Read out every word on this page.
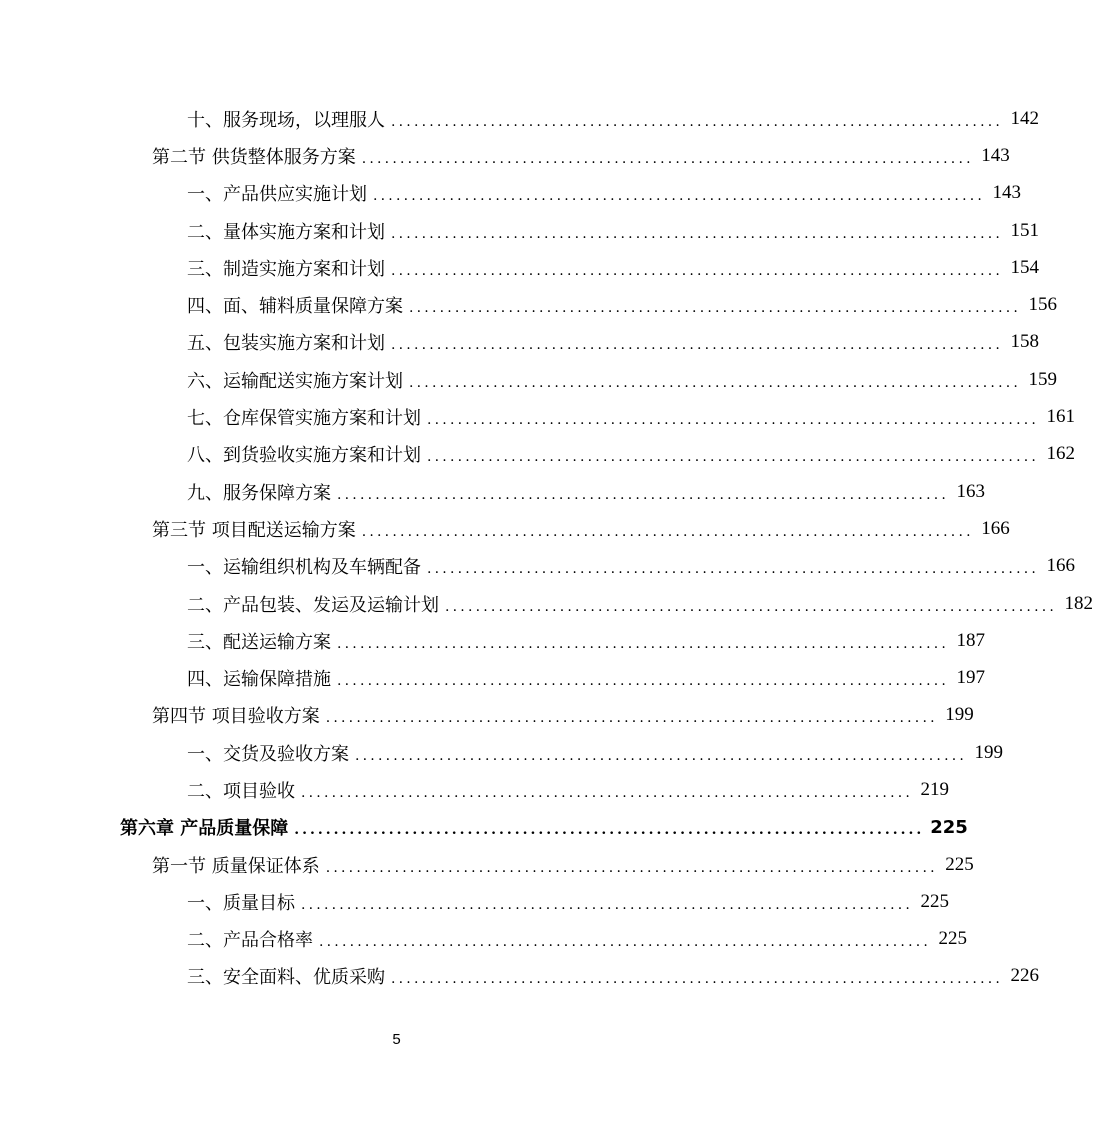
十、服务现场，以理服人 ................................................................................ 142
第二节 供货整体服务方案 ................................................................................ 143
一、产品供应实施计划 ................................................................................ 143
二、量体实施方案和计划 ................................................................................ 151
三、制造实施方案和计划 ................................................................................ 154
四、面、辅料质量保障方案 ................................................................................ 156
五、包装实施方案和计划 ................................................................................ 158
六、运输配送实施方案计划 ................................................................................ 159
七、仓库保管实施方案和计划 ................................................................................ 161
八、到货验收实施方案和计划 ................................................................................ 162
九、服务保障方案 ................................................................................ 163
第三节 项目配送运输方案 ................................................................................ 166
一、运输组织机构及车辆配备 ................................................................................ 166
二、产品包装、发运及运输计划 ................................................................................ 182
三、配送运输方案 ................................................................................ 187
四、运输保障措施 ................................................................................ 197
第四节 项目验收方案 ................................................................................ 199
一、交货及验收方案 ................................................................................ 199
二、项目验收 ................................................................................ 219
第六章 产品质量保障 ................................................................................ 225
第一节 质量保证体系 ................................................................................ 225
一、质量目标 ................................................................................ 225
二、产品合格率 ................................................................................ 225
三、安全面料、优质采购 ................................................................................ 226
5
